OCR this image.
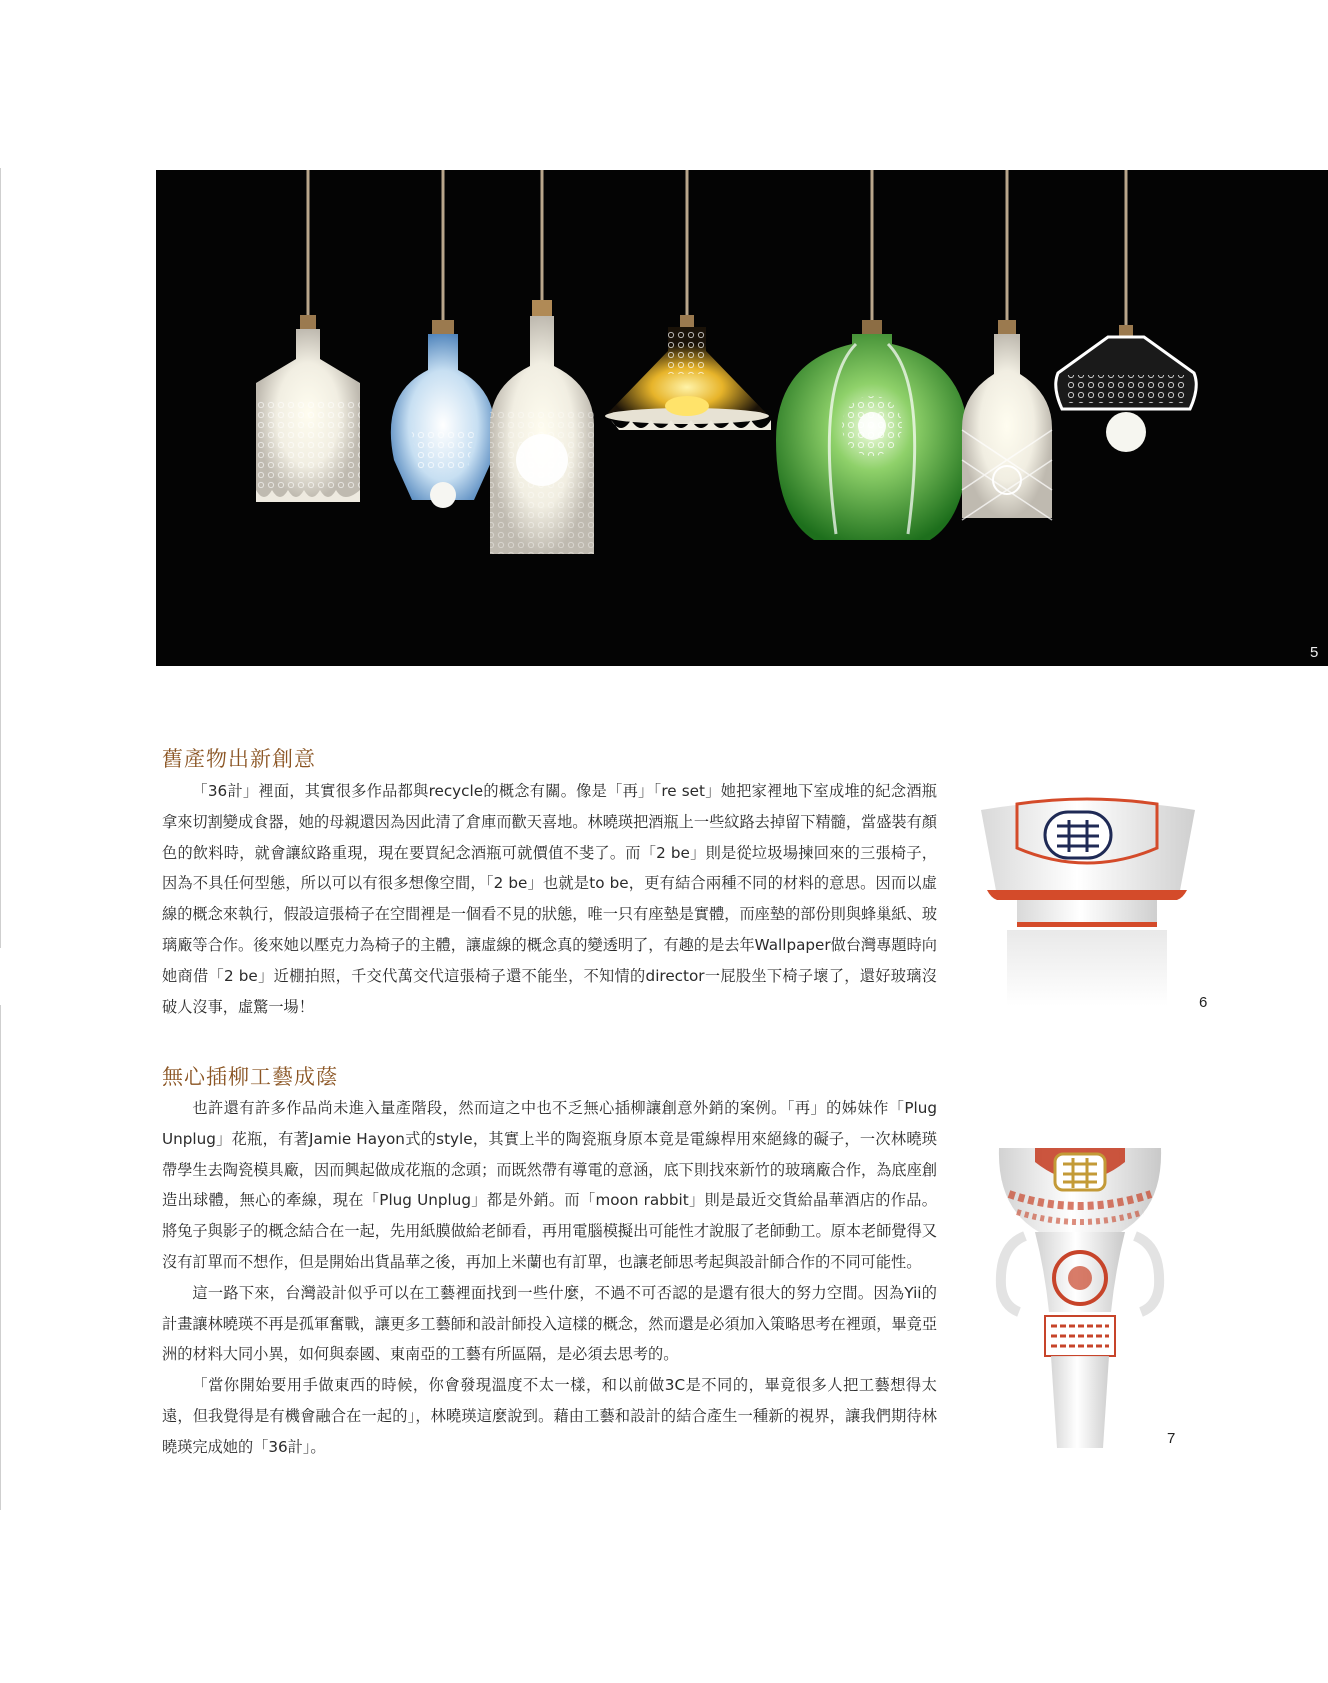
5
舊產物出新創意

「36計」裡面，其實很多作品都與recycle的概念有關。像是「再」「re set」她把家裡地下室成堆的紀念酒瓶拿來切割變成食器，她的母親還因為因此清了倉庫而歡天喜地。林曉瑛把酒瓶上一些紋路去掉留下精髓，當盛裝有顏色的飲料時，就會讓紋路重現，現在要買紀念酒瓶可就價值不斐了。而「2 be」則是從垃圾場揀回來的三張椅子，因為不具任何型態，所以可以有很多想像空間，「2 be」也就是to be，更有結合兩種不同的材料的意思。因而以虛線的概念來執行，假設這張椅子在空間裡是一個看不見的狀態，唯一只有座墊是實體，而座墊的部份則與蜂巢紙、玻璃廠等合作。後來她以壓克力為椅子的主體，讓虛線的概念真的變透明了，有趣的是去年Wallpaper做台灣專題時向她商借「2 be」近棚拍照，千交代萬交代這張椅子還不能坐，不知情的director一屁股坐下椅子壞了，還好玻璃沒破人沒事，虛驚一場！	6
無心插柳工藝成蔭

也許還有許多作品尚未進入量產階段，然而這之中也不乏無心插柳讓創意外銷的案例。「再」的姊妹作「Plug Unplug」花瓶，有著Jamie Hayon式的style，其實上半的陶瓷瓶身原本竟是電線桿用來絕緣的礙子，一次林曉瑛帶學生去陶瓷模具廠，因而興起做成花瓶的念頭；而既然帶有導電的意涵，底下則找來新竹的玻璃廠合作，為底座創造出球體，無心的牽線，現在「Plug Unplug」都是外銷。而「moon rabbit」則是最近交貨給晶華酒店的作品。將兔子與影子的概念結合在一起，先用紙膜做給老師看，再用電腦模擬出可能性才說服了老師動工。原本老師覺得又沒有訂單而不想作，但是開始出貨晶華之後，再加上米蘭也有訂單，也讓老師思考起與設計師合作的不同可能性。

這一路下來，台灣設計似乎可以在工藝裡面找到一些什麼，不過不可否認的是還有很大的努力空間。因為Yii的計畫讓林曉瑛不再是孤軍奮戰，讓更多工藝師和設計師投入這樣的概念，然而還是必須加入策略思考在裡頭，畢竟亞洲的材料大同小異，如何與泰國、東南亞的工藝有所區隔，是必須去思考的。

「當你開始要用手做東西的時候，你會發現溫度不太一樣，和以前做3C是不同的，畢竟很多人把工藝想得太遠，但我覺得是有機會融合在一起的」，林曉瑛這麼說到。藉由工藝和設計的結合產生一種新的視界，讓我們期待林曉瑛完成她的「36計」。	7
